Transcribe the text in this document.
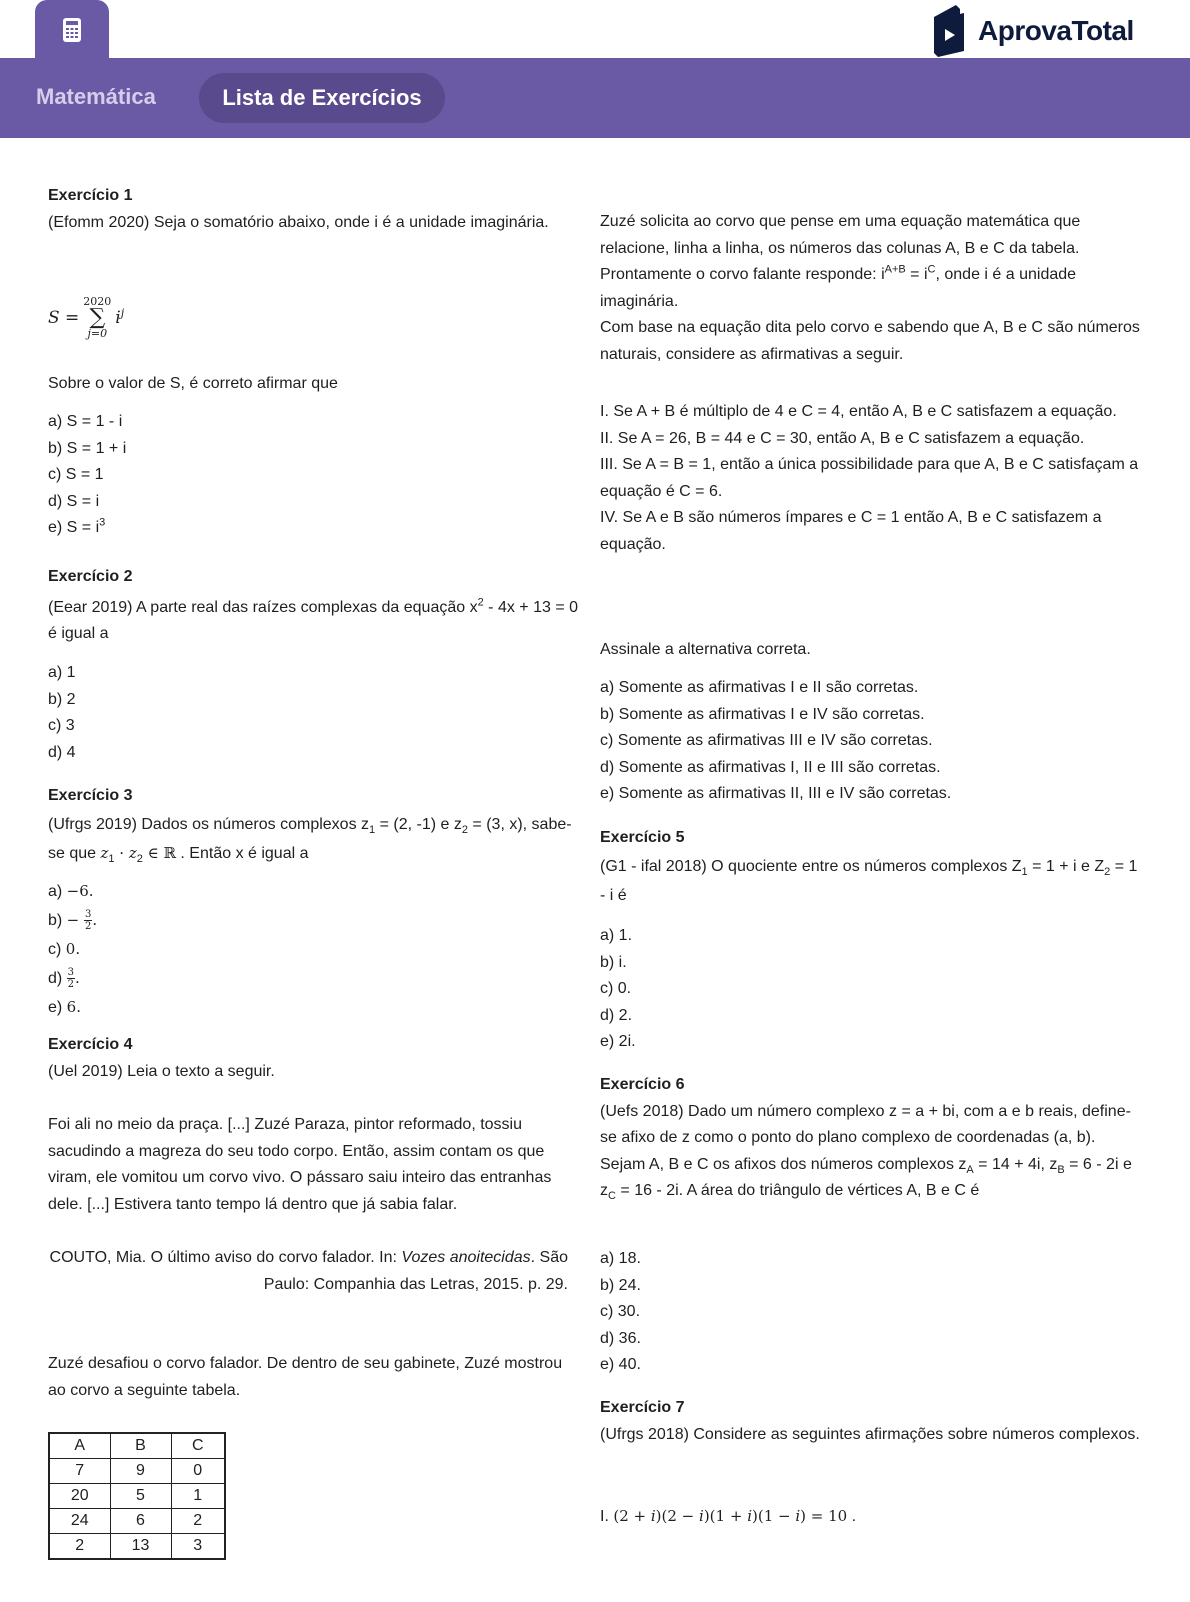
AprovaTotal
Matemática	Lista de Exercícios
Exercício 1
(Efomm 2020) Seja o somatório abaixo, onde i é a unidade imaginária.
S =
2020
∑
j=0
$i^j$
Sobre o valor de S, é correto afirmar que
a) S = 1 - i
b) S = 1 + i
c) S = 1
d) S = i
e) $S = i^3$
Exercício 2
(Eear 2019) A parte real das raízes complexas da equação $x^2 - 4x + 13 = 0$ é igual a
a) 1
b) 2
c) 3
d) 4
Exercício 3
(Ufrgs 2019) Dados os números complexos $z_1 = (2$, -1) e $z_2 = (3$, x), sabe-se que $z_1 \cdot z_2$ ∈ ℝ . Então x é igual a
a) −6.
$b) - \frac{3}{2}$ .
c) 0.
$d) \frac{3}{2}$ .
e) 6.
Exercício 4
(Uel 2019) Leia o texto a seguir.
Foi ali no meio da praça. [...] Zuzé Paraza, pintor reformado, tossiu sacudindo a magreza do seu todo corpo. Então, assim contam os que viram, ele vomitou um corvo vivo. O pássaro saiu inteiro das entranhas dele. [...] Estivera tanto tempo lá dentro que já sabia falar.
COUTO, Mia. O último aviso do corvo falador. In: Vozes anoitecidas. São Paulo: Companhia das Letras, 2015. p. 29.
Zuzé desafiou o corvo falador. De dentro de seu gabinete, Zuzé mostrou ao corvo a seguinte tabela.
A	B	C
7	9	0
20	5	1
24	6	2
2	13	3
Zuzé solicita ao corvo que pense em uma equação matemática que relacione, linha a linha, os números das colunas A, B e C da tabela. Prontamente o corvo falante responde: $i^{A+B} = i^C$, onde i é a unidade imaginária.
Com base na equação dita pelo corvo e sabendo que A, B e C são números naturais, considere as afirmativas a seguir.
I. Se A + B é múltiplo de 4 e C = 4, então A, B e C satisfazem a equação.
II. Se A = 26, B = 44 e C = 30, então A, B e C satisfazem a equação.
III. Se A = B = 1, então a única possibilidade para que A, B e C satisfaçam a equação é C = 6.
IV. Se A e B são números ímpares e C = 1 então A, B e C satisfazem a equação.
Assinale a alternativa correta.
a) Somente as afirmativas I e II são corretas.
b) Somente as afirmativas I e IV são corretas.
c) Somente as afirmativas III e IV são corretas.
d) Somente as afirmativas I, II e III são corretas.
e) Somente as afirmativas II, III e IV são corretas.
Exercício 5
(G1 - ifal 2018) O quociente entre os números complexos $Z_1 = 1 + i$ e $Z_2 = 1 - i$ é
a) 1.
b) i.
c) 0.
d) 2.
e) 2i.
Exercício 6
(Uefs 2018) Dado um número complexo z = a + bi, com a e b reais, define-se afixo de z como o ponto do plano complexo de coordenadas (a, b). Sejam A, B e C os afixos dos números complexos $z_A = 14 + 4i$, $z_B = 6 - 2i$ e $z_C = 16 - 2i$. A área do triângulo de vértices A, B e C é
a) 18.
b) 24.
c) 30.
d) 36.
e) 40.
Exercício 7
(Ufrgs 2018) Considere as seguintes afirmações sobre números complexos.
I. (2 + i)(2 − i)(1 + i)(1 − i) = 10 .
